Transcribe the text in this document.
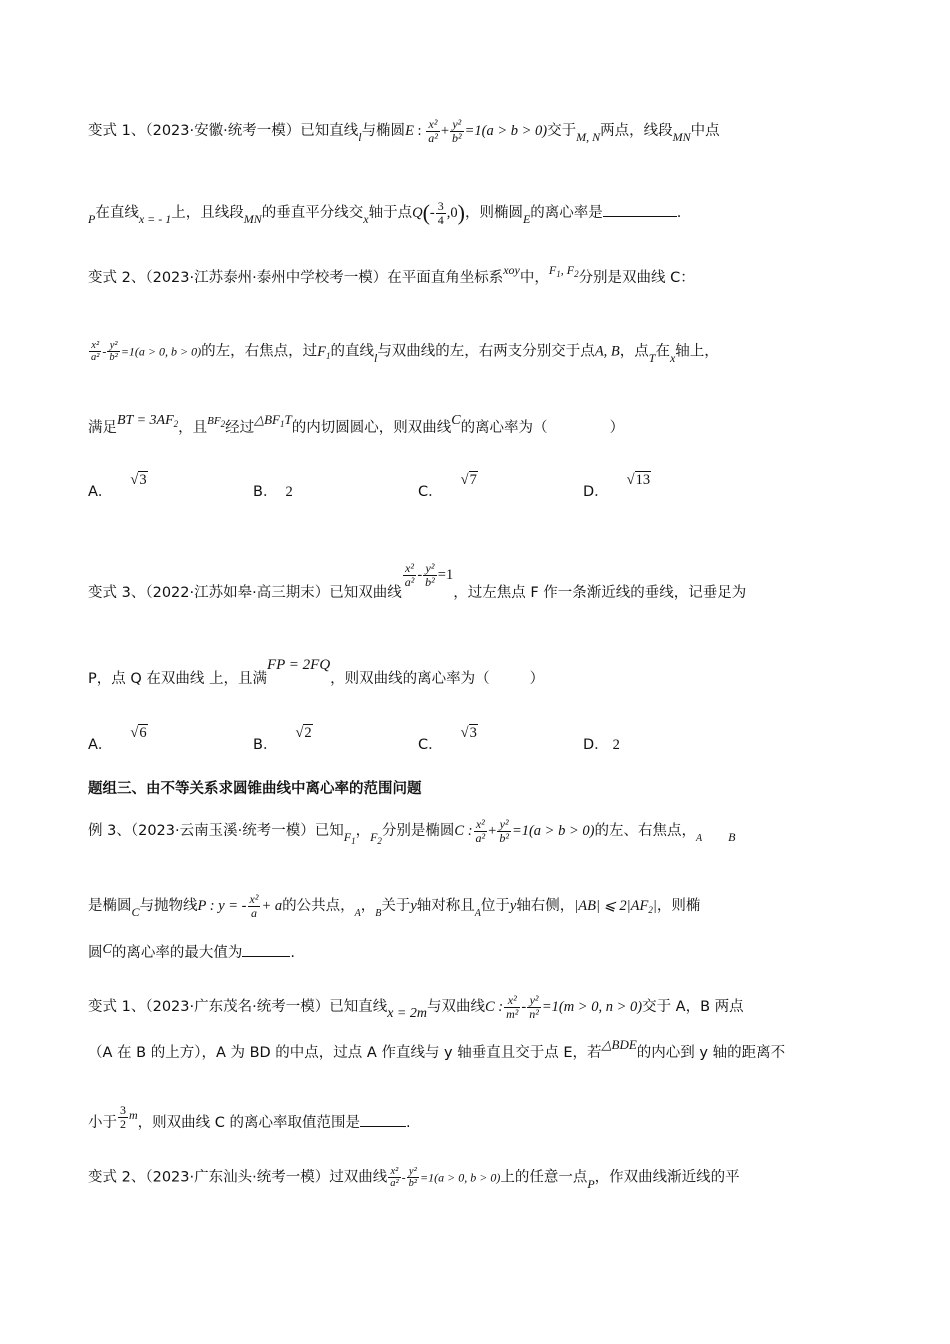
变式 1、（2023·安徽·统考一模）已知直线$_l$与椭圆E : $\frac{\text{x²}}{\text{a²}} + \frac{\text{y²}}{\text{b²}} =1(a > b > 0)$交于$_{M,}$ $_N$两点，线段$_{MN}$中点
$_P$在直线$_{x = - 1}$上，且线段$_{MN}$的垂直平分线交$_x$轴于点$Q(- \frac{3}{4} ,0)$，则椭圆$_E$的离心率是	.
变式 2、（2023·江苏泰州·泰州中学校考一模）在平面直角坐标系$^{xoy}$中，$^{F_1, F_2}$分别是双曲线 C：
$\frac{\text{x²}}{\text{a²}} - \frac{\text{y²}}{\text{b²}} =1(a > 0$, b > 0)的左，右焦点，过$F_1$的直线$_l$与双曲线的左，右两支分别交于点A, B，点$_T$在$_x$轴上，
满足BT = $3AF_2$，且$^{BF_2}$经过$\triangle BF_1T$的内切圆圆心，则双曲线C的离心率为（	）
A．√3
B． 2	C．√7
D．√13
变式 3、（2022·江苏如皋·高三期末）已知双曲线
$\frac{\text{x²}}{\text{a²}} - \frac{\text{y²}}{\text{b²}} =1$，过左焦点 F 作一条渐近线的垂线，记垂足为
P，点 Q 在双曲线 上，且满FP = 2FQ，则双曲线的离心率为（	）
A．√6
B．√2
C．√3
D． 2
题组三、由不等关系求圆锥曲线中离心率的范围问题
例 3、（2023·云南玉溪·统考一模）已知$_{F_1}$，$_{F_2}$分别是椭圆C : $\frac{\text{x²}}{\text{a²}} + \frac{\text{y²}}{\text{b²}} =1(a > b > 0)$的左、右焦点，$_A$ $_B$
是椭圆$_C$与抛物线P : y = - $\frac{\text{x²}}{a} + a$的公共点，$_A$，$_B$关于y轴对称且$_A$位于y轴右侧，|AB| ⩽ $2|AF_2|$，则椭
圆C的离心率的最大值为	.
变式 1、（2023·广东茂名·统考一模）已知直线x = 2m与双曲线C : $\frac{\text{x²}}{\text{m²}} - \frac{\text{y²}}{\text{n²}} =1(m > 0$, n > 0)交于 A，B 两点
（A 在 B 的上方），A 为 BD 的中点，过点 A 作直线与 y 轴垂直且交于点 E，若△BDE的内心到 y 轴的距离不
小于 $\frac{3}{2} ^m$，则双曲线 C 的离心率取值范围是	.
变式 2、（2023·广东汕头·统考一模）过双曲线 $\frac{\text{x²}}{\text{a²}} - \frac{\text{y²}}{\text{b²}} =1(a > 0$, b > 0)上的任意一点$_P$，作双曲线渐近线的平
